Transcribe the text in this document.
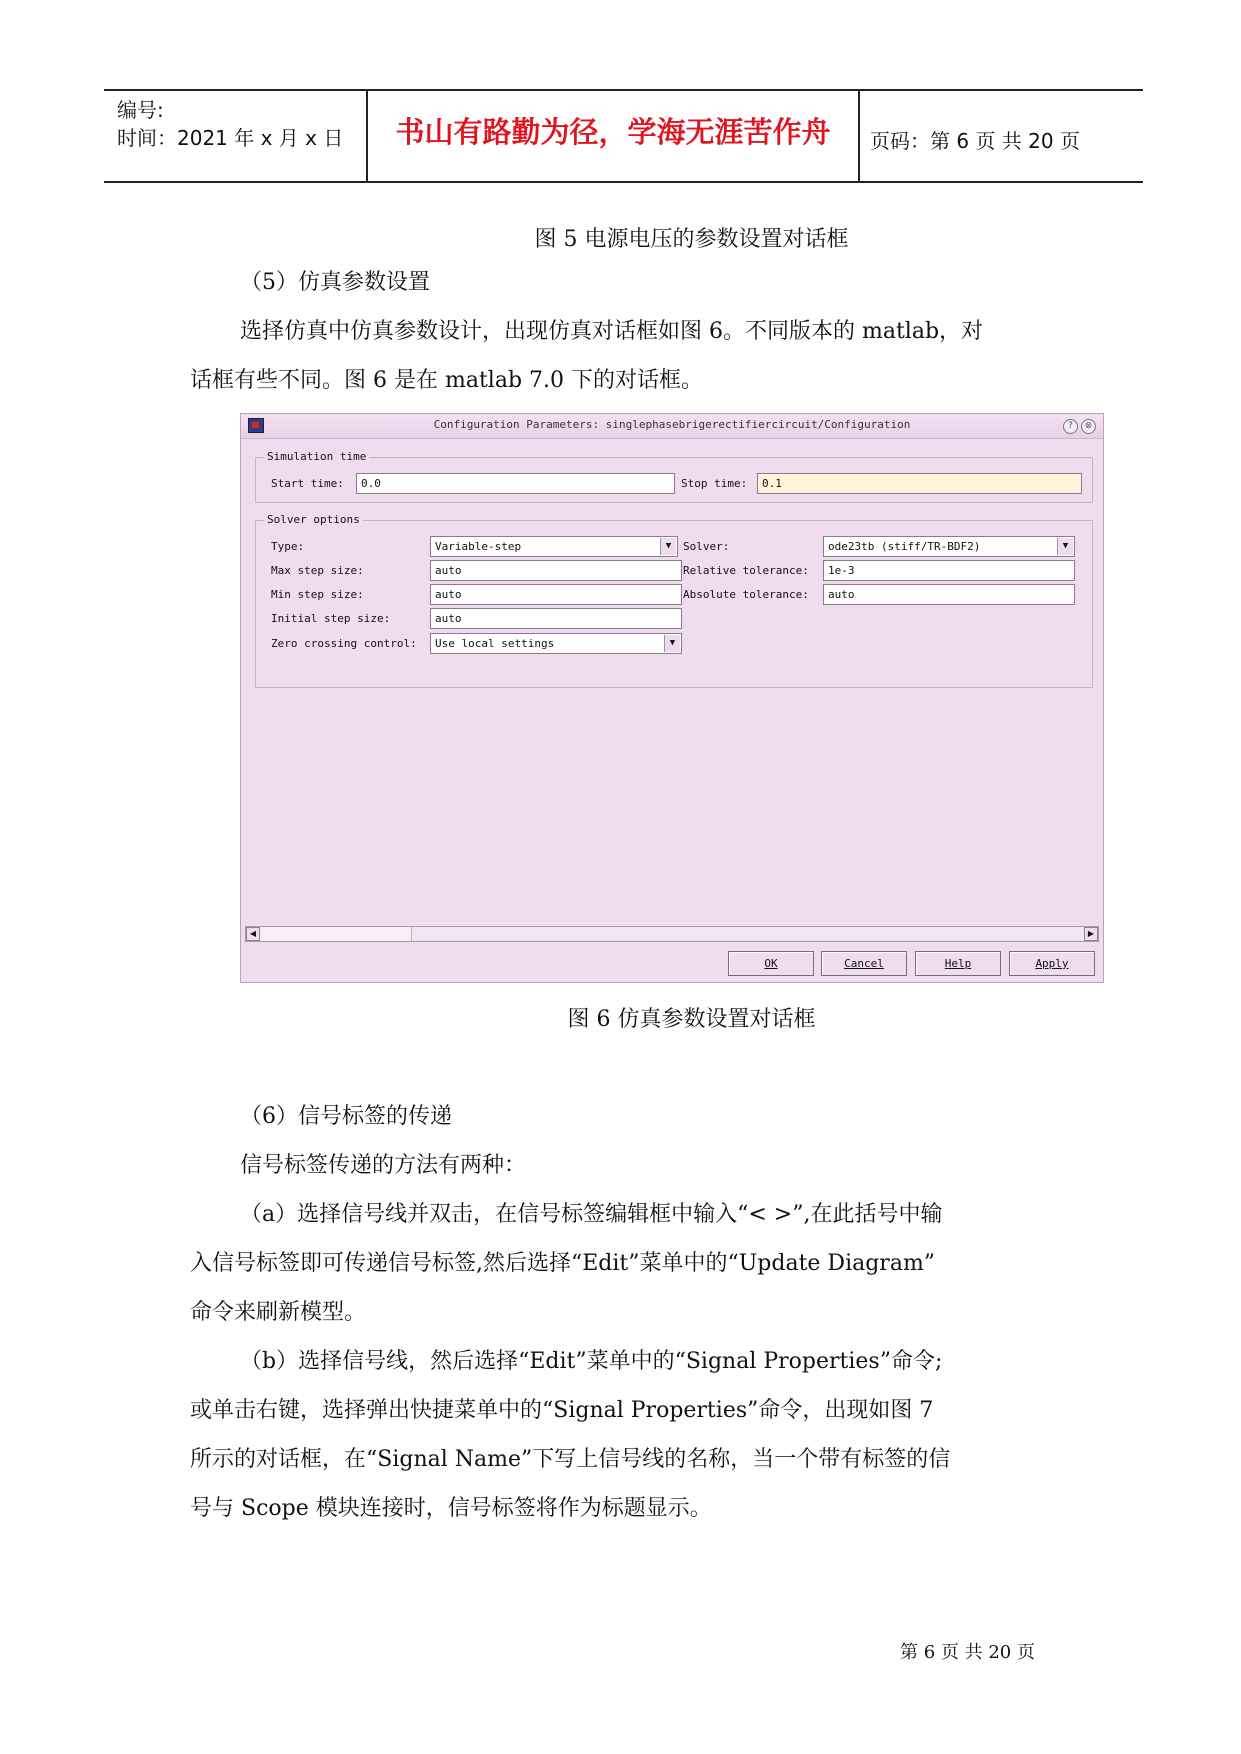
编号:
时间：2021 年 x 月 x 日	书山有路勤为径，学海无涯苦作舟	页码：第 6 页 共 20 页
图 5 电源电压的参数设置对话框
（5）仿真参数设置
选择仿真中仿真参数设计，出现仿真对话框如图 6。不同版本的 matlab，对
话框有些不同。图 6 是在 matlab 7.0 下的对话框。
Configuration Parameters: singlephasebrigerectifiercircuit/Configuration	?	⊗
Simulation time
Start time:	0.0	Stop time:	0.1
Solver options
Type:	Variable-step	▼	Solver:	ode23tb (stiff/TR-BDF2)	▼
Max step size:	auto	Relative tolerance:	1e-3
Min step size:	auto	Absolute tolerance:	auto
Initial step size:	auto
Zero crossing control:	Use local settings	▼
◀	▶
OK	Cancel	Help	Apply
图 6 仿真参数设置对话框
（6）信号标签的传递
信号标签传递的方法有两种：
（a）选择信号线并双击，在信号标签编辑框中输入“< >”,在此括号中输
入信号标签即可传递信号标签,然后选择“Edit”菜单中的“Update Diagram”
命令来刷新模型。
（b）选择信号线，然后选择“Edit”菜单中的“Signal Properties”命令;
或单击右键，选择弹出快捷菜单中的“Signal Properties”命令，出现如图 7
所示的对话框，在“Signal Name”下写上信号线的名称，当一个带有标签的信
号与 Scope 模块连接时，信号标签将作为标题显示。
第 6 页 共 20 页
